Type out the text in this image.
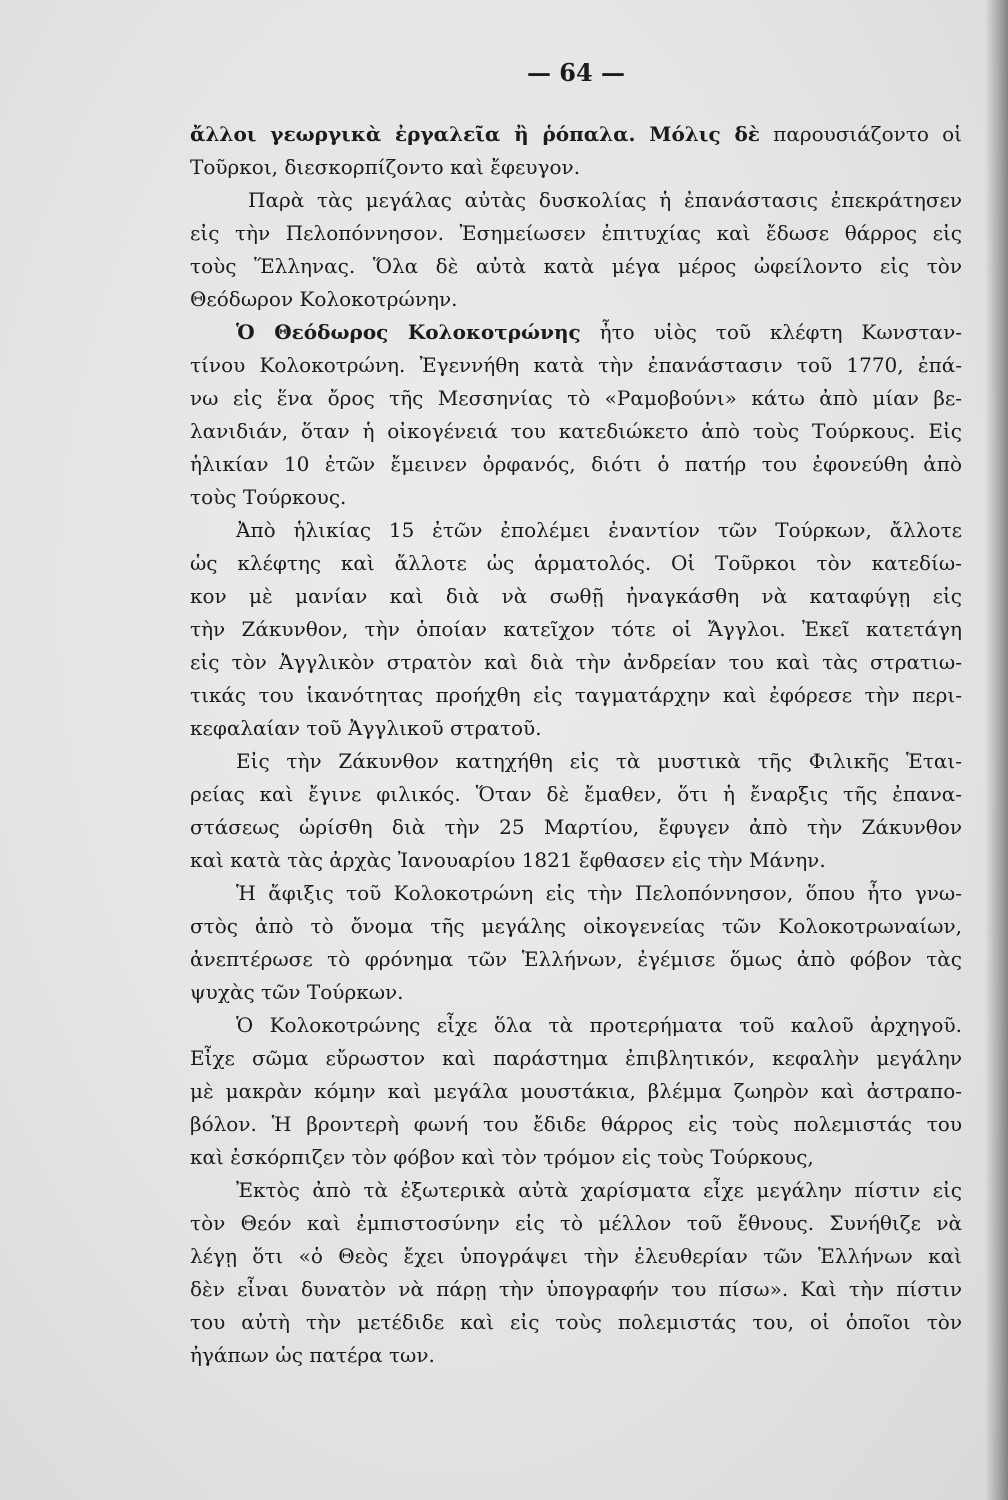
— 64 —
ἄλλοι γεωργικὰ ἐργαλεῖα ἢ ῥόπαλα. Μόλις δὲ παρουσιάζοντο οἱ
Τοῦρκοι, διεσκορπίζοντο καὶ ἔφευγον.
Παρὰ τὰς μεγάλας αὐτὰς δυσκολίας ἡ ἐπανάστασις ἐπεκράτησεν
εἰς τὴν Πελοπόννησον. Ἐσημείωσεν ἐπιτυχίας καὶ ἔδωσε θάρρος εἰς
τοὺς Ἕλληνας. Ὅλα δὲ αὐτὰ κατὰ μέγα μέρος ὠφείλοντο εἰς τὸν
Θεόδωρον Κολοκοτρώνην.
Ὁ Θεόδωρος Κολοκοτρώνης ἦτο υἱὸς τοῦ κλέφτη Κωνσταν-
τίνου Κολοκοτρώνη. Ἐγεννήθη κατὰ τὴν ἐπανάστασιν τοῦ 1770, ἐπά-
νω εἰς ἕνα ὄρος τῆς Μεσσηνίας τὸ «Ραμοβούνι» κάτω ἀπὸ μίαν βε-
λανιδιάν, ὅταν ἡ οἰκογένειά του κατεδιώκετο ἀπὸ τοὺς Τούρκους. Εἰς
ἡλικίαν 10 ἐτῶν ἔμεινεν ὀρφανός, διότι ὁ πατήρ του ἐφονεύθη ἀπὸ
τοὺς Τούρκους.
Ἀπὸ ἡλικίας 15 ἐτῶν ἐπολέμει ἐναντίον τῶν Τούρκων, ἄλλοτε
ὡς κλέφτης καὶ ἄλλοτε ὡς ἁρματολός. Οἱ Τοῦρκοι τὸν κατεδίω-
κον μὲ μανίαν καὶ διὰ νὰ σωθῇ ἠναγκάσθη νὰ καταφύγῃ εἰς
τὴν Ζάκυνθον, τὴν ὁποίαν κατεῖχον τότε οἱ Ἄγγλοι. Ἐκεῖ κατετάγη
εἰς τὸν Ἀγγλικὸν στρατὸν καὶ διὰ τὴν ἀνδρείαν του καὶ τὰς στρατιω-
τικάς του ἱκανότητας προήχθη εἰς ταγματάρχην καὶ ἐφόρεσε τὴν περι-
κεφαλαίαν τοῦ Ἀγγλικοῦ στρατοῦ.
Εἰς τὴν Ζάκυνθον κατηχήθη εἰς τὰ μυστικὰ τῆς Φιλικῆς Ἑται-
ρείας καὶ ἔγινε φιλικός. Ὅταν δὲ ἔμαθεν, ὅτι ἡ ἔναρξις τῆς ἐπανα-
στάσεως ὡρίσθη διὰ τὴν 25 Μαρτίου, ἔφυγεν ἀπὸ τὴν Ζάκυνθον
καὶ κατὰ τὰς ἀρχὰς Ἰανουαρίου 1821 ἔφθασεν εἰς τὴν Μάνην.
Ἡ ἄφιξις τοῦ Κολοκοτρώνη εἰς τὴν Πελοπόννησον, ὅπου ἦτο γνω-
στὸς ἀπὸ τὸ ὄνομα τῆς μεγάλης οἰκογενείας τῶν Κολοκοτρωναίων,
ἀνεπτέρωσε τὸ φρόνημα τῶν Ἑλλήνων, ἐγέμισε ὅμως ἀπὸ φόβον τὰς
ψυχὰς τῶν Τούρκων.
Ὁ Κολοκοτρώνης εἶχε ὅλα τὰ προτερήματα τοῦ καλοῦ ἀρχηγοῦ.
Εἶχε σῶμα εὔρωστον καὶ παράστημα ἐπιβλητικόν, κεφαλὴν μεγάλην
μὲ μακρὰν κόμην καὶ μεγάλα μουστάκια, βλέμμα ζωηρὸν καὶ ἀστραπο-
βόλον. Ἡ βροντερὴ φωνή του ἔδιδε θάρρος εἰς τοὺς πολεμιστάς του
καὶ ἐσκόρπιζεν τὸν φόβον καὶ τὸν τρόμον εἰς τοὺς Τούρκους,
Ἐκτὸς ἀπὸ τὰ ἐξωτερικὰ αὐτὰ χαρίσματα εἶχε μεγάλην πίστιν εἰς
τὸν Θεόν καὶ ἐμπιστοσύνην εἰς τὸ μέλλον τοῦ ἔθνους. Συνήθιζε νὰ
λέγῃ ὅτι «ὁ Θεὸς ἔχει ὑπογράψει τὴν ἐλευθερίαν τῶν Ἑλλήνων καὶ
δὲν εἶναι δυνατὸν νὰ πάρῃ τὴν ὑπογραφήν του πίσω». Καὶ τὴν πίστιν
του αὐτὴ τὴν μετέδιδε καὶ εἰς τοὺς πολεμιστάς του, οἱ ὁποῖοι τὸν
ἠγάπων ὡς πατέρα των.
